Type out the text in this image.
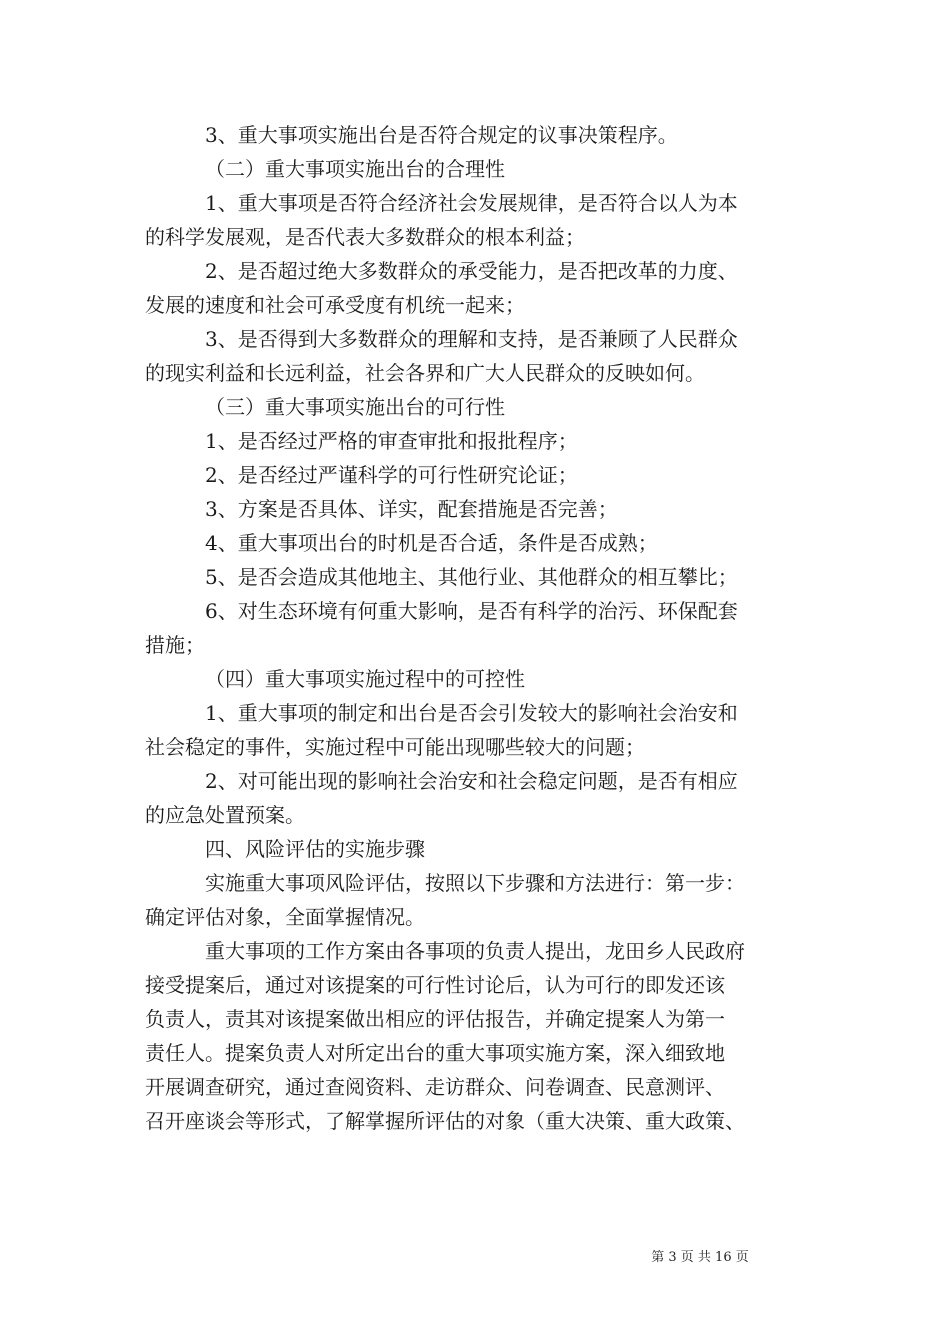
3、重大事项实施出台是否符合规定的议事决策程序。
（二）重大事项实施出台的合理性
1、重大事项是否符合经济社会发展规律，是否符合以人为本
的科学发展观，是否代表大多数群众的根本利益；
2、是否超过绝大多数群众的承受能力，是否把改革的力度、
发展的速度和社会可承受度有机统一起来；
3、是否得到大多数群众的理解和支持，是否兼顾了人民群众
的现实利益和长远利益，社会各界和广大人民群众的反映如何。
（三）重大事项实施出台的可行性
1、是否经过严格的审查审批和报批程序；
2、是否经过严谨科学的可行性研究论证；
3、方案是否具体、详实，配套措施是否完善；
4、重大事项出台的时机是否合适，条件是否成熟；
5、是否会造成其他地主、其他行业、其他群众的相互攀比；
6、对生态环境有何重大影响，是否有科学的治污、环保配套
措施；
（四）重大事项实施过程中的可控性
1、重大事项的制定和出台是否会引发较大的影响社会治安和
社会稳定的事件，实施过程中可能出现哪些较大的问题；
2、对可能出现的影响社会治安和社会稳定问题，是否有相应
的应急处置预案。
四、风险评估的实施步骤
实施重大事项风险评估，按照以下步骤和方法进行：第一步：
确定评估对象，全面掌握情况。
重大事项的工作方案由各事项的负责人提出，龙田乡人民政府
接受提案后，通过对该提案的可行性讨论后，认为可行的即发还该
负责人，责其对该提案做出相应的评估报告，并确定提案人为第一
责任人。提案负责人对所定出台的重大事项实施方案，深入细致地
开展调查研究，通过查阅资料、走访群众、问卷调查、民意测评、
召开座谈会等形式，了解掌握所评估的对象（重大决策、重大政策、
第 3 页 共 16 页
